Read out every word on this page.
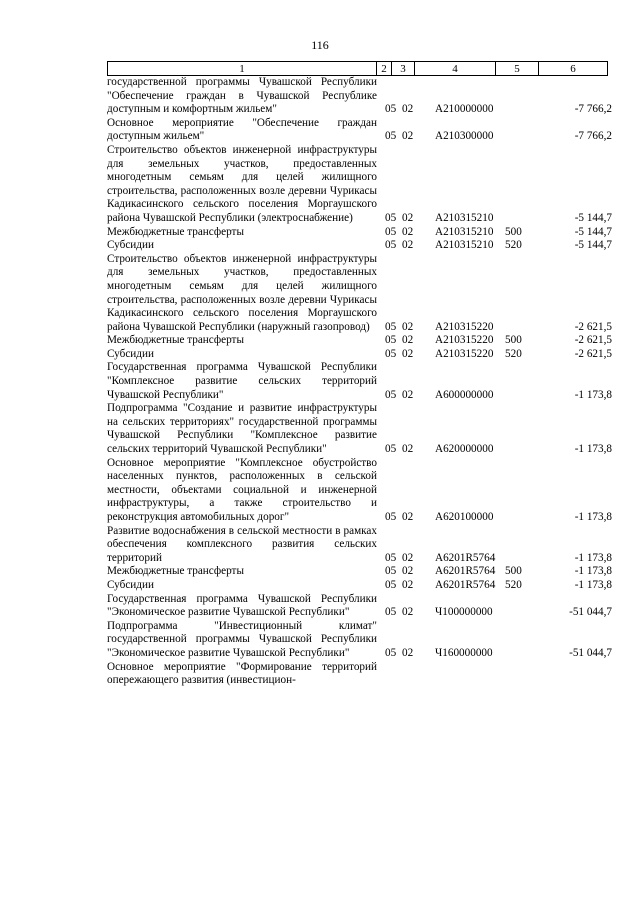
116
1	2	3	4	5	6
государственной программы Чувашской Республики "Обеспечение граждан в Чувашской Республике доступным и комфортным жильем"	05 02 A210000000	-7 766,2
Основное мероприятие "Обеспечение граждан доступным жильем"	05 02 A210300000	-7 766,2
Строительство объектов инженерной инфраструктуры для земельных участков, предоставленных многодетным семьям для целей жилищного строительства, расположенных возле деревни Чурикасы Кадикасинского сельского поселения Моргаушского района Чувашской Республики (электроснабжение)	05 02 A210315210	-5 144,7
Межбюджетные трансферты	05 02 A210315210 500	-5 144,7
Субсидии	05 02 A210315210 520	-5 144,7
Строительство объектов инженерной инфраструктуры для земельных участков, предоставленных многодетным семьям для целей жилищного строительства, расположенных возле деревни Чурикасы Кадикасинского сельского поселения Моргаушского района Чувашской Республики (наружный газопровод)	05 02 A210315220	-2 621,5
Межбюджетные трансферты	05 02 A210315220 500	-2 621,5
Субсидии	05 02 A210315220 520	-2 621,5
Государственная программа Чувашской Республики "Комплексное развитие сельских территорий Чувашской Республики"	05 02 A600000000	-1 173,8
Подпрограмма "Создание и развитие инфраструктуры на сельских территориях" государственной программы Чувашской Республики "Комплексное развитие сельских территорий Чувашской Республики"	05 02 A620000000	-1 173,8
Основное мероприятие "Комплексное обустройство населенных пунктов, расположенных в сельской местности, объектами социальной и инженерной инфраструктуры, а также строительство и реконструкция автомобильных дорог"	05 02 A620100000	-1 173,8
Развитие водоснабжения в сельской местности в рамках обеспечения комплексного развития сельских территорий	05 02 A6201R5764	-1 173,8
Межбюджетные трансферты	05 02 A6201R5764 500	-1 173,8
Субсидии	05 02 A6201R5764 520	-1 173,8
Государственная программа Чувашской Республики "Экономическое развитие Чувашской Республики"	05 02 Ч100000000	-51 044,7
Подпрограмма "Инвестиционный климат" государственной программы Чувашской Республики "Экономическое развитие Чувашской Республики"	05 02 Ч160000000	-51 044,7
Основное мероприятие "Формирование территорий опережающего развития (инвестицион-
